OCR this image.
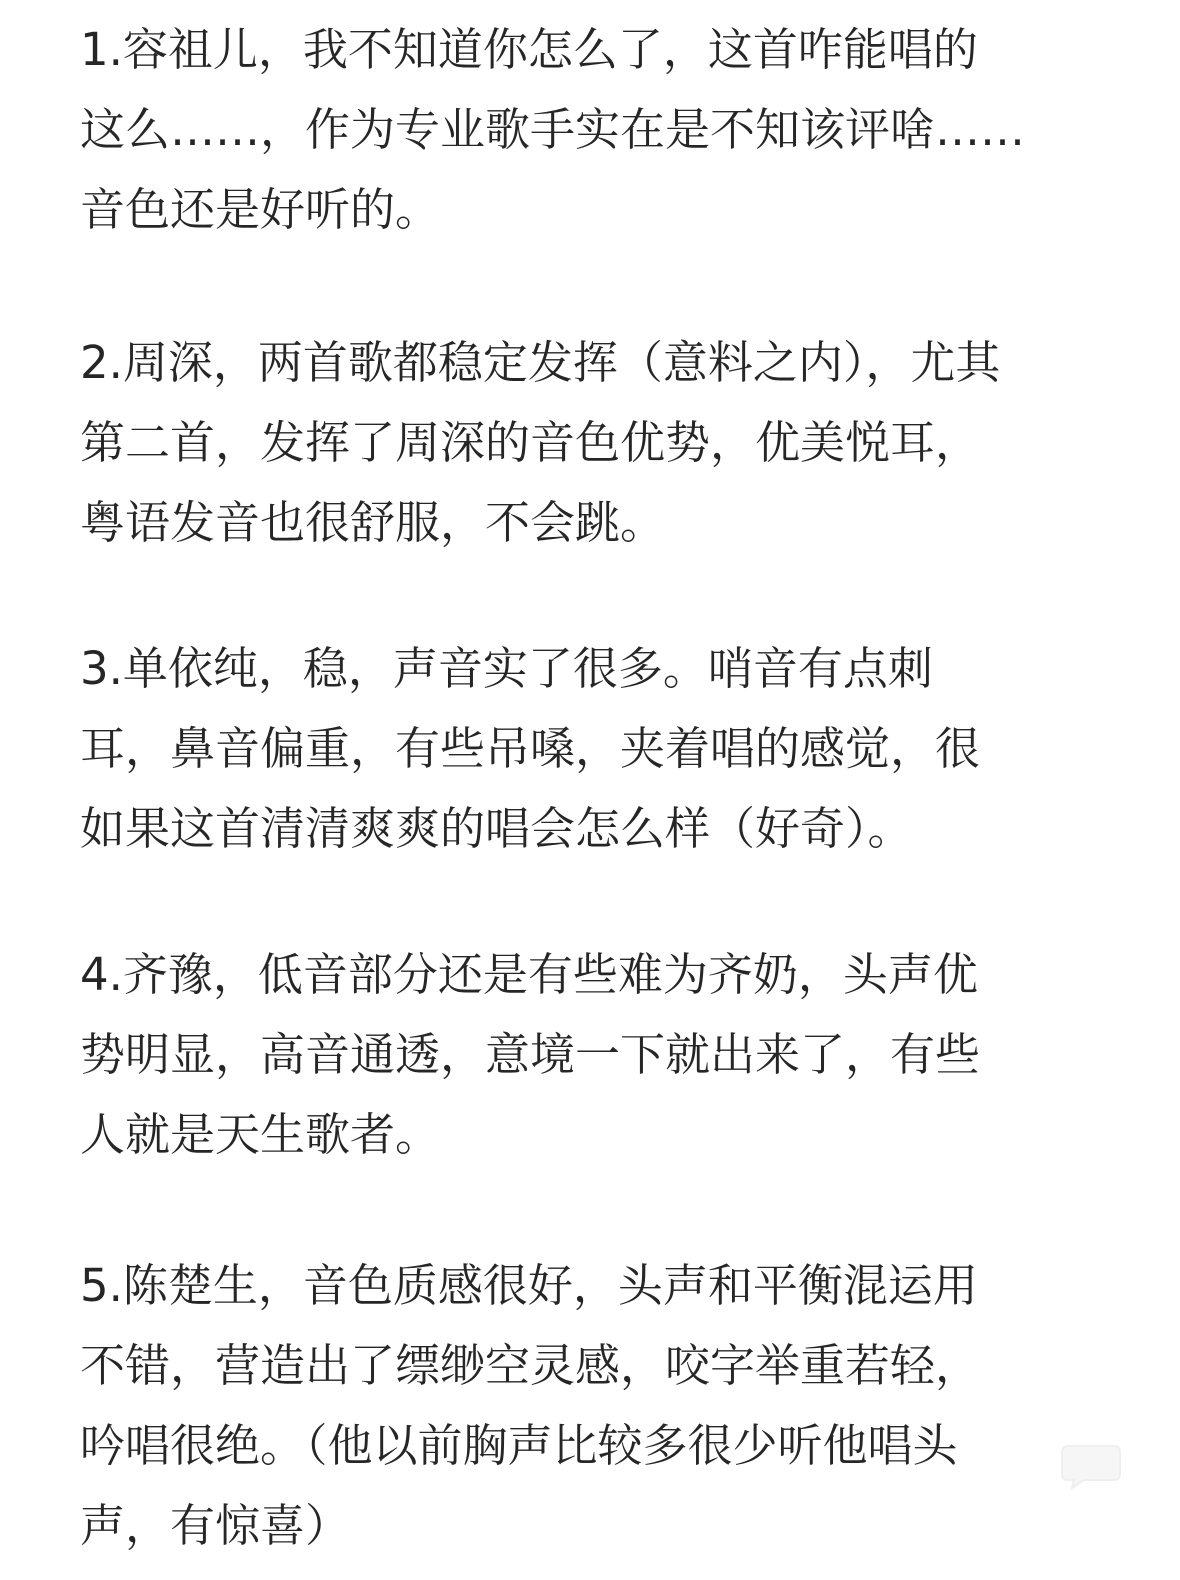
1.容祖儿，我不知道你怎么了，这首咋能唱的
这么……，作为专业歌手实在是不知该评啥……
音色还是好听的。
2.周深，两首歌都稳定发挥（意料之内），尤其
第二首，发挥了周深的音色优势，优美悦耳，
粤语发音也很舒服，不会跳。
3.单依纯，稳，声音实了很多。哨音有点刺
耳，鼻音偏重，有些吊嗓，夹着唱的感觉，很
如果这首清清爽爽的唱会怎么样（好奇）。
4.齐豫，低音部分还是有些难为齐奶，头声优
势明显，高音通透，意境一下就出来了，有些
人就是天生歌者。
5.陈楚生，音色质感很好，头声和平衡混运用
不错，营造出了缥缈空灵感，咬字举重若轻，
吟唱很绝。（他以前胸声比较多很少听他唱头
声，有惊喜）
